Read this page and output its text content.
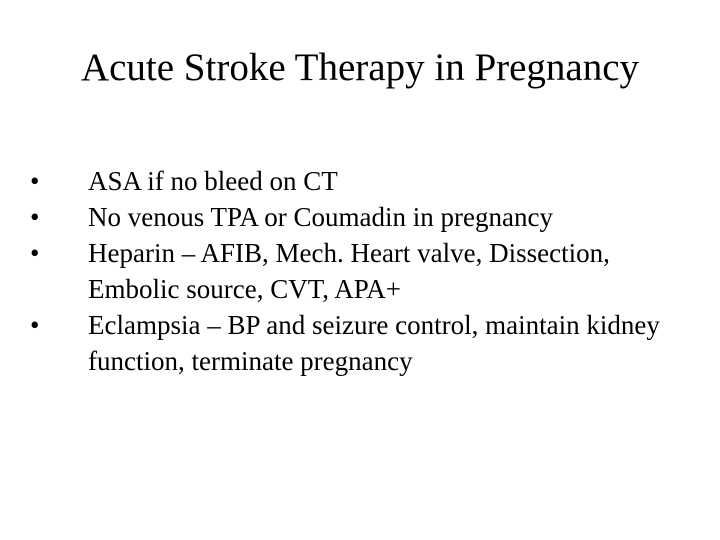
Acute Stroke Therapy in Pregnancy
•	ASA if no bleed on CT
•	No venous TPA or Coumadin in pregnancy
•	Heparin – AFIB, Mech. Heart valve, Dissection, Embolic source, CVT, APA+
•	Eclampsia – BP and seizure control, maintain kidney function, terminate pregnancy
